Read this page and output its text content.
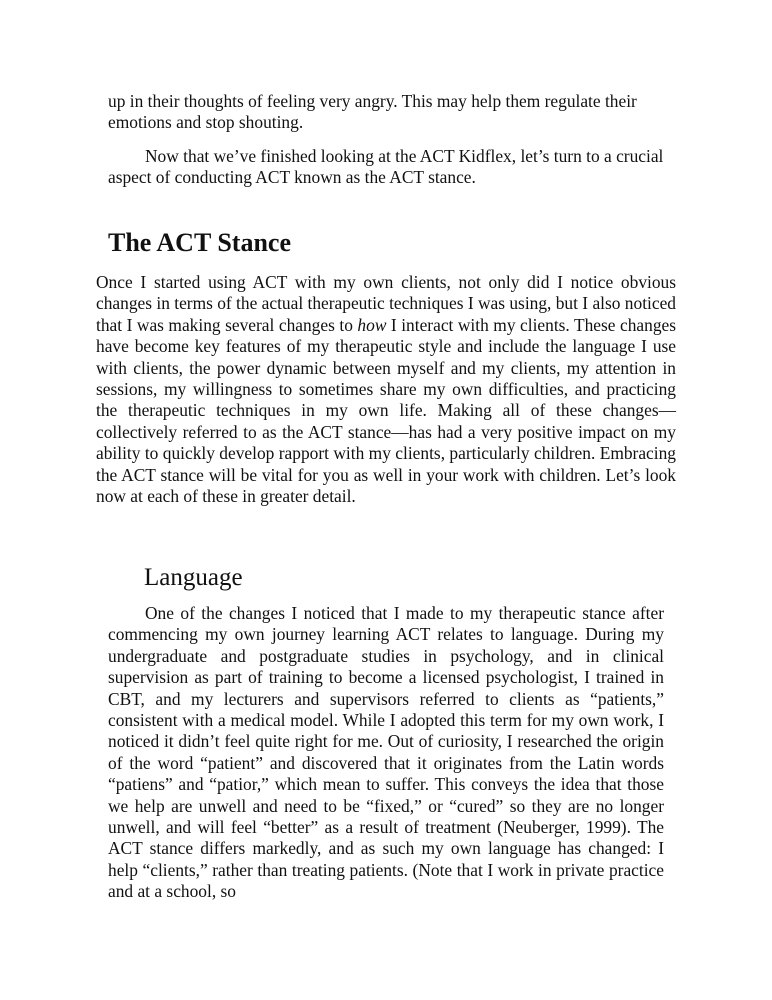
up in their thoughts of feeling very angry. This may help them regulate their emotions and stop shouting.

Now that we’ve finished looking at the ACT Kidflex, let’s turn to a crucial aspect of conducting ACT known as the ACT stance.

The ACT Stance

Once I started using ACT with my own clients, not only did I notice obvious changes in terms of the actual therapeutic techniques I was using, but I also noticed that I was making several changes to how I interact with my clients. These changes have become key features of my therapeutic style and include the language I use with clients, the power dynamic between myself and my clients, my attention in sessions, my willingness to sometimes share my own difficulties, and practicing the therapeutic techniques in my own life. Making all of these changes—collectively referred to as the ACT stance—has had a very positive impact on my ability to quickly develop rapport with my clients, particularly children. Embracing the ACT stance will be vital for you as well in your work with children. Let’s look now at each of these in greater detail.

Language

One of the changes I noticed that I made to my therapeutic stance after commencing my own journey learning ACT relates to language. During my undergraduate and postgraduate studies in psychology, and in clinical supervision as part of training to become a licensed psychologist, I trained in CBT, and my lecturers and supervisors referred to clients as “patients,” consistent with a medical model. While I adopted this term for my own work, I noticed it didn’t feel quite right for me. Out of curiosity, I researched the origin of the word “patient” and discovered that it originates from the Latin words “patiens” and “patior,” which mean to suffer. This conveys the idea that those we help are unwell and need to be “fixed,” or “cured” so they are no longer unwell, and will feel “better” as a result of treatment (Neuberger, 1999). The ACT stance differs markedly, and as such my own language has changed: I help “clients,” rather than treating patients. (Note that I work in private practice and at a school, so
